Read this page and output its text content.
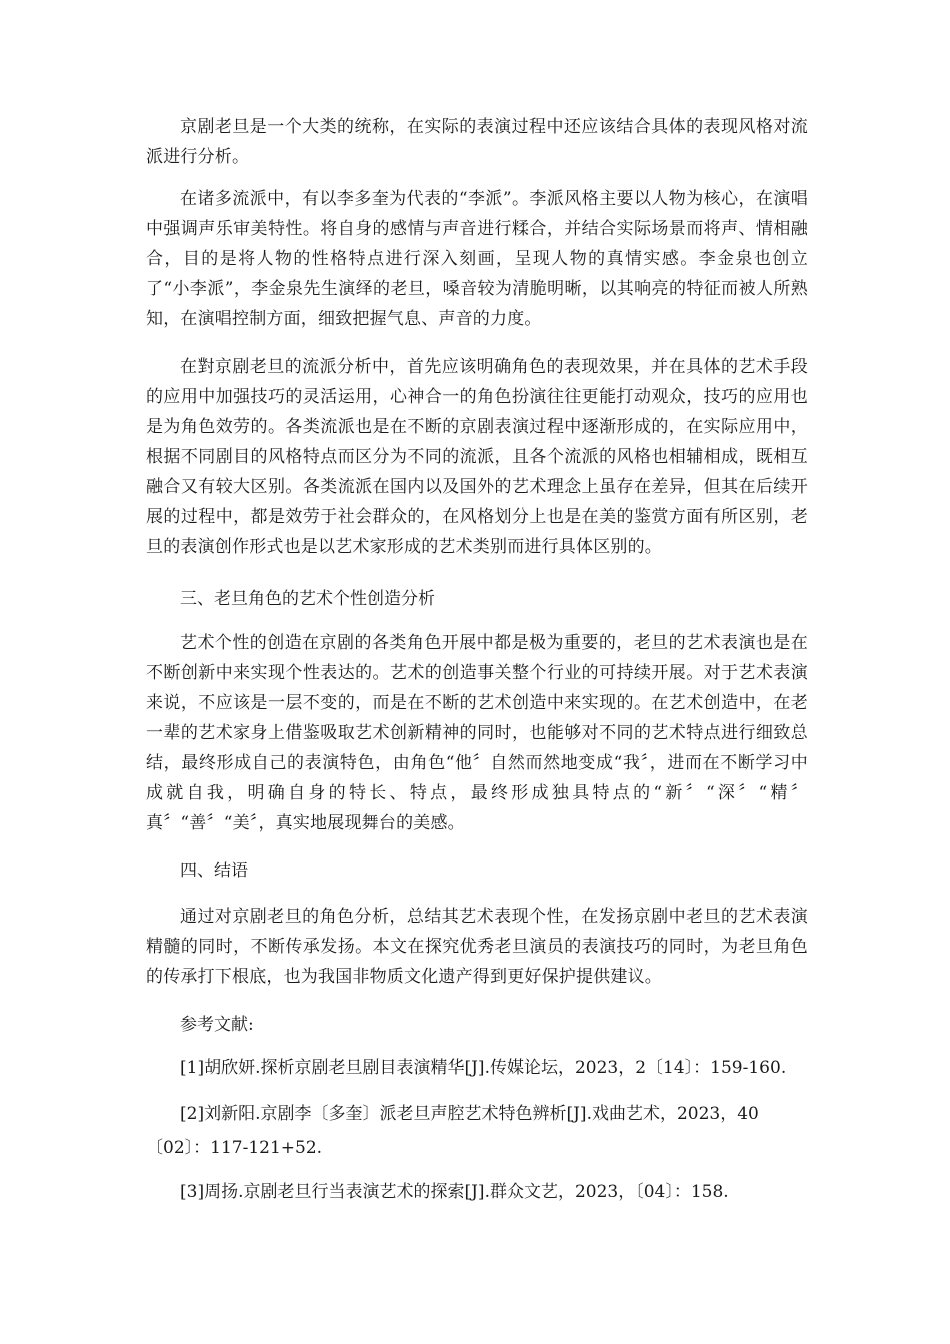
京剧老旦是一个大类的统称，在实际的表演过程中还应该结合具体的表现风格对流派进行分析。

在诸多流派中，有以李多奎为代表的“李派”。李派风格主要以人物为核心，在演唱中强调声乐审美特性。将自身的感情与声音进行糅合，并结合实际场景而将声、情相融合，目的是将人物的性格特点进行深入刻画，呈现人物的真情实感。李金泉也创立了“小李派”，李金泉先生演绎的老旦，嗓音较为清脆明晰，以其响亮的特征而被人所熟知，在演唱控制方面，细致把握气息、声音的力度。

在對京剧老旦的流派分析中，首先应该明确角色的表现效果，并在具体的艺术手段的应用中加强技巧的灵活运用，心神合一的角色扮演往往更能打动观众，技巧的应用也是为角色效劳的。各类流派也是在不断的京剧表演过程中逐渐形成的，在实际应用中，根据不同剧目的风格特点而区分为不同的流派，且各个流派的风格也相辅相成，既相互融合又有较大区别。各类流派在国内以及国外的艺术理念上虽存在差异，但其在后续开展的过程中，都是效劳于社会群众的，在风格划分上也是在美的鉴赏方面有所区别，老旦的表演创作形式也是以艺术家形成的艺术类别而进行具体区别的。

三、老旦角色的艺术个性创造分析

艺术个性的创造在京剧的各类角色开展中都是极为重要的，老旦的艺术表演也是在不断创新中来实现个性表达的。艺术的创造事关整个行业的可持续开展。对于艺术表演来说，不应该是一层不变的，而是在不断的艺术创造中来实现的。在艺术创造中，在老一辈的艺术家身上借鉴吸取艺术创新精神的同时，也能够对不同的艺术特点进行细致总结，最终形成自己的表演特色，由角色“他〞自然而然地变成“我〞，进而在不断学习中成就自我，明确自身的特长、特点，最终形成独具特点的“新〞“深〞“精〞真〞“善〞“美〞，真实地展现舞台的美感。

四、结语

通过对京剧老旦的角色分析，总结其艺术表现个性，在发扬京剧中老旦的艺术表演精髓的同时，不断传承发扬。本文在探究优秀老旦演员的表演技巧的同时，为老旦角色的传承打下根底，也为我国非物质文化遗产得到更好保护提供建议。

参考文献:

[1]胡欣妍.探析京剧老旦剧目表演精华[J].传媒论坛，2023，2〔14〕：159-160.

[2]刘新阳.京剧李〔多奎〕派老旦声腔艺术特色辨析[J].戏曲艺术，2023，40〔02〕：117-121+52.

[3]周扬.京剧老旦行当表演艺术的探索[J].群众文艺，2023，〔04〕：158.
